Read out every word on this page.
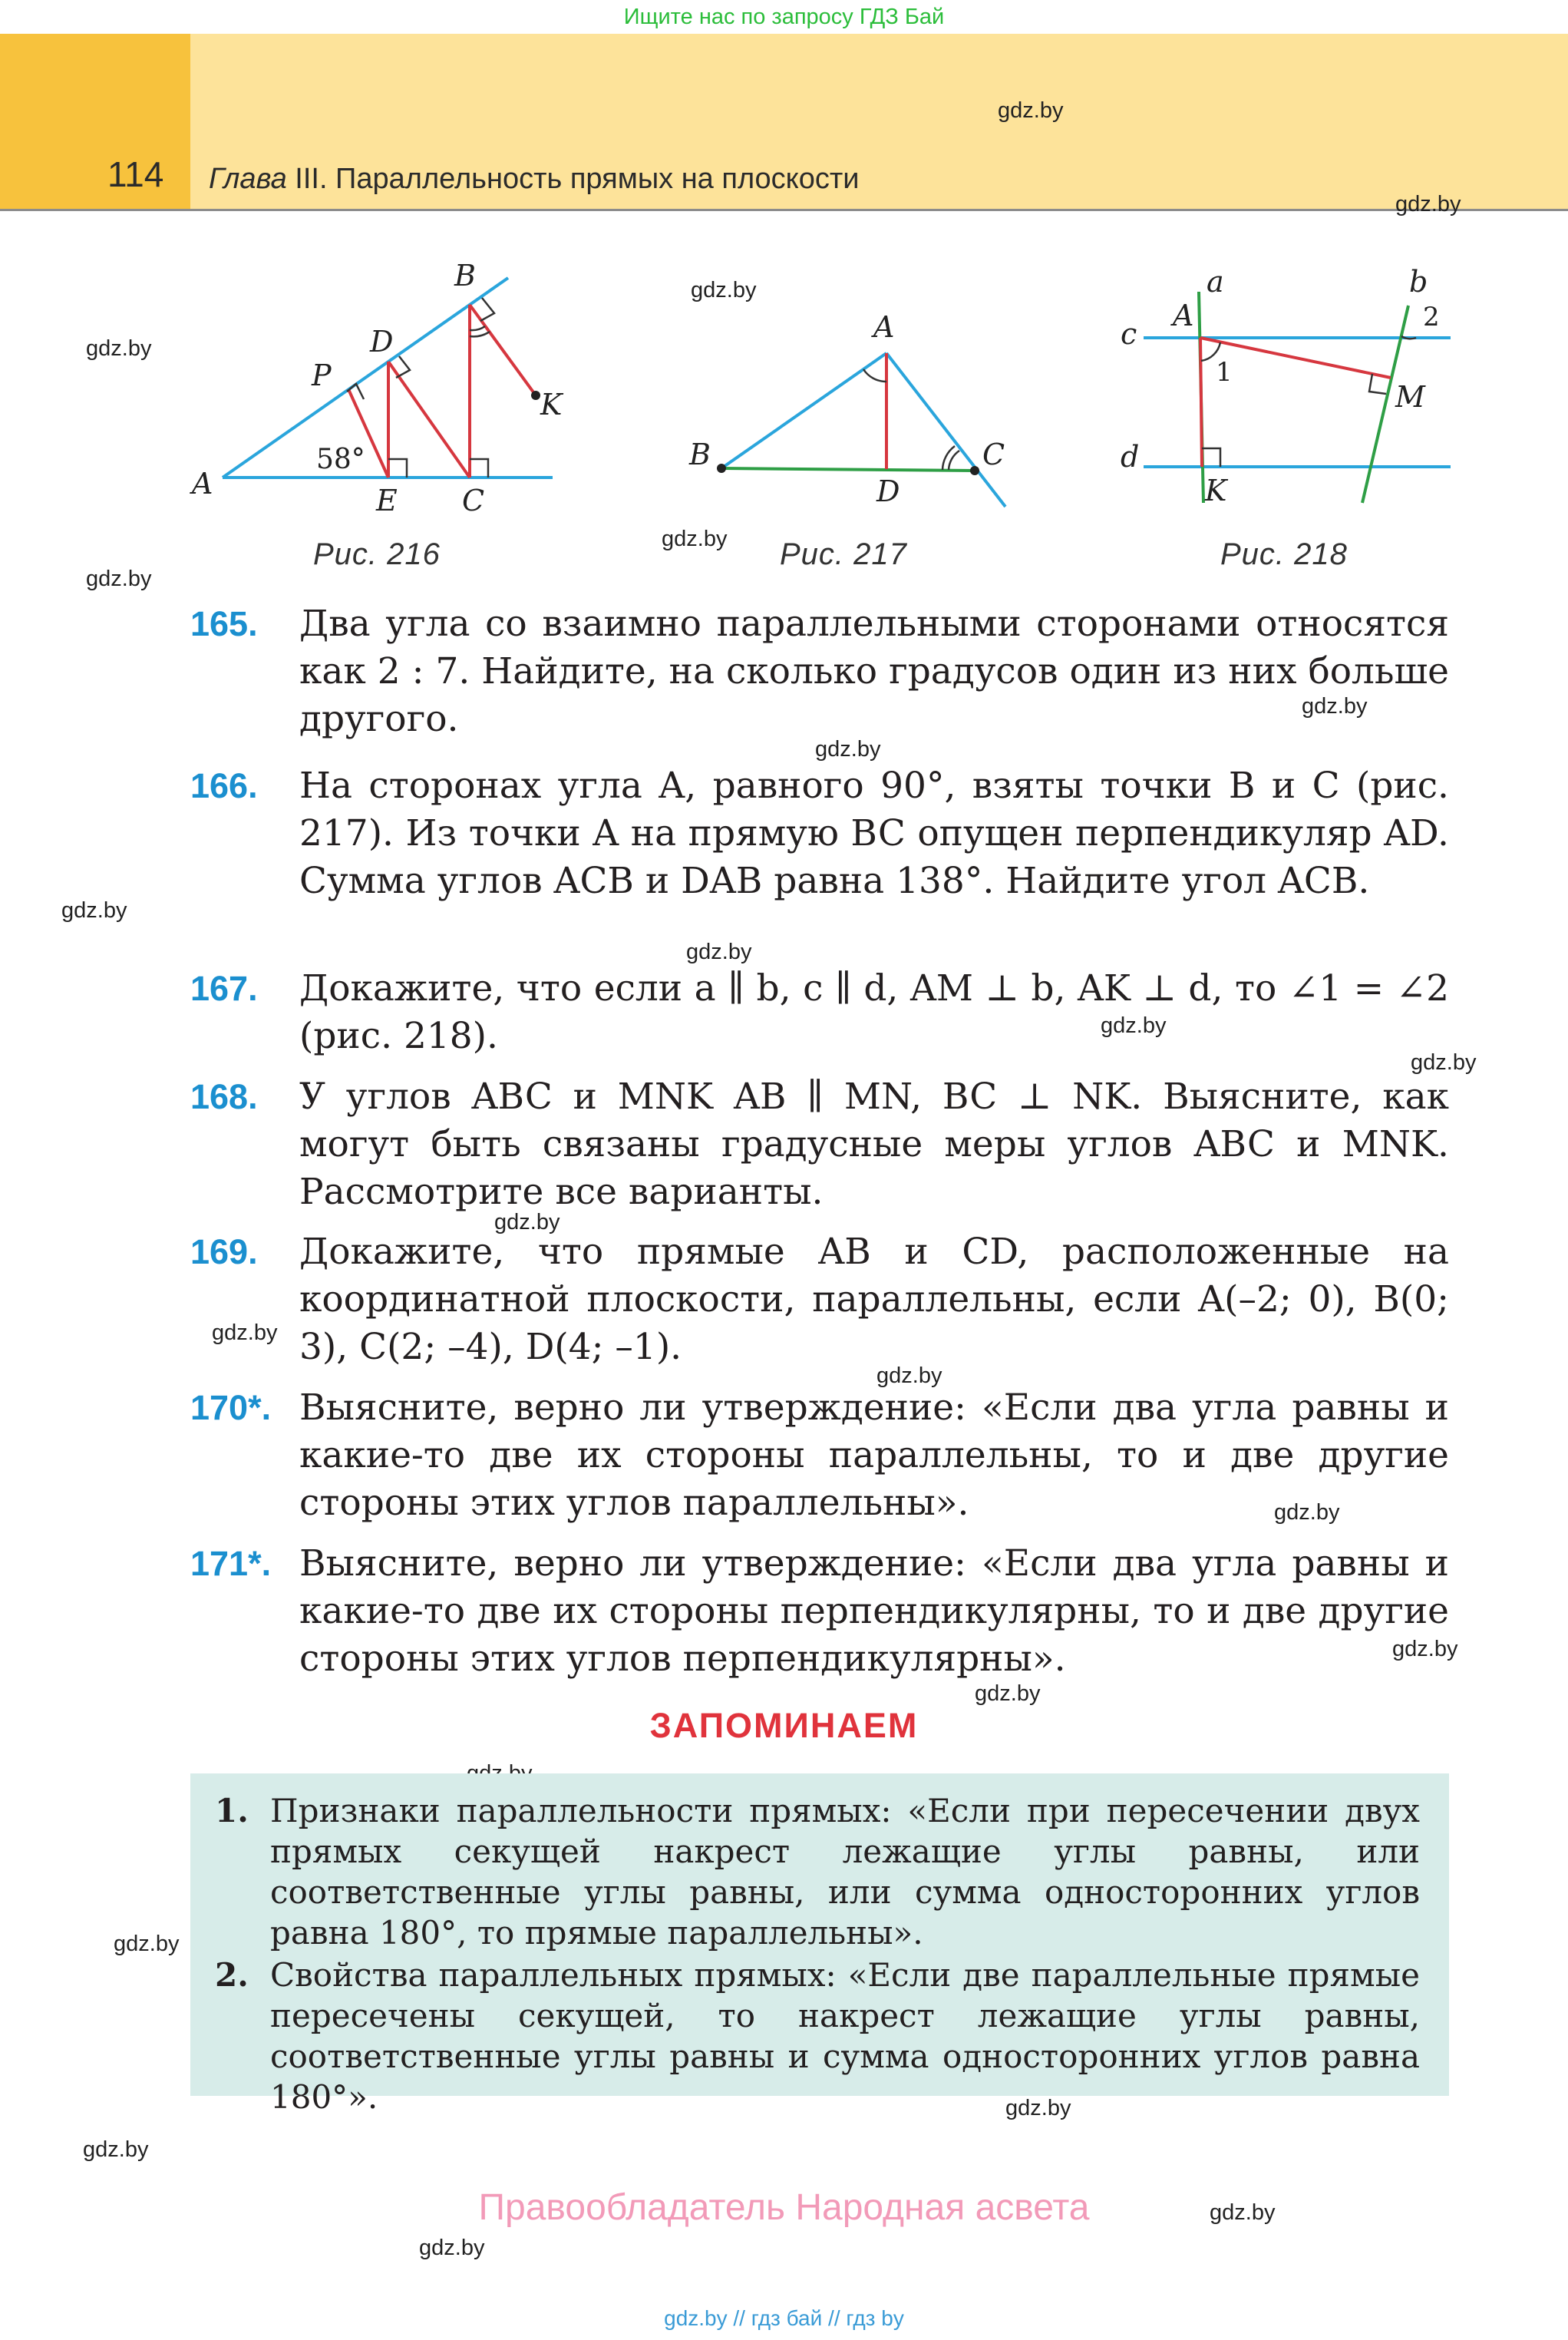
Ищите нас по запросу ГДЗ Бай
114 Глава III. Параллельность прямых на плоскости
gdz.by
gdz.by
gdz.by
gdz.by
gdz.by
gdz.by
gdz.by
gdz.by
gdz.by
gdz.by
gdz.by
gdz.by
gdz.by
gdz.by
gdz.by
gdz.by
gdz.by
gdz.by
gdz.by
gdz.by
gdz.by
gdz.by
gdz.by
A
B
D
P
K
E C
58°
Рис. 216
A
B	C
D
Рис. 217
a	b
c
d
A
M
K
1
2
Рис. 218
165. Два угла со взаимно параллельными сторонами относятся как 2 : 7. Найдите, на сколько градусов один из них больше другого.
166. На сторонах угла A, равного 90°, взяты точки B и C (рис. 217). Из точки A на прямую BC опущен перпендикуляр AD. Сумма углов ACB и DAB равна 138°. Найдите угол ACB.
167. Докажите, что если a ∥ b, c ∥ d, AM ⊥ b, AK ⊥ d, то ∠1 = ∠2 (рис. 218).
168. У углов ABC и MNK AB ∥ MN, BC ⊥ NK. Выясните, как могут быть связаны градусные меры углов ABC и MNK. Рассмотрите все варианты.
169. Докажите, что прямые AB и CD, расположенные на координатной плоскости, параллельны, если A(–2; 0), B(0; 3), C(2; –4), D(4; –1).
170*. Выясните, верно ли утверждение: «Если два угла равны и какие-то две их стороны параллельны, то и две другие стороны этих углов параллельны».
171*. Выясните, верно ли утверждение: «Если два угла равны и какие-то две их стороны перпендикулярны, то и две другие стороны этих углов перпендикулярны».
ЗАПОМИНАЕМ
1. Признаки параллельности прямых: «Если при пересечении двух прямых секущей накрест лежащие углы равны, или соответственные углы равны, или сумма односторонних углов равна 180°, то прямые параллельны».
2. Свойства параллельных прямых: «Если две параллельные прямые пересечены секущей, то накрест лежащие углы равны, соответственные углы равны и сумма односторонних углов равна 180°».
Правообладатель Народная асвета
gdz.by // гдз бай // гдз by
